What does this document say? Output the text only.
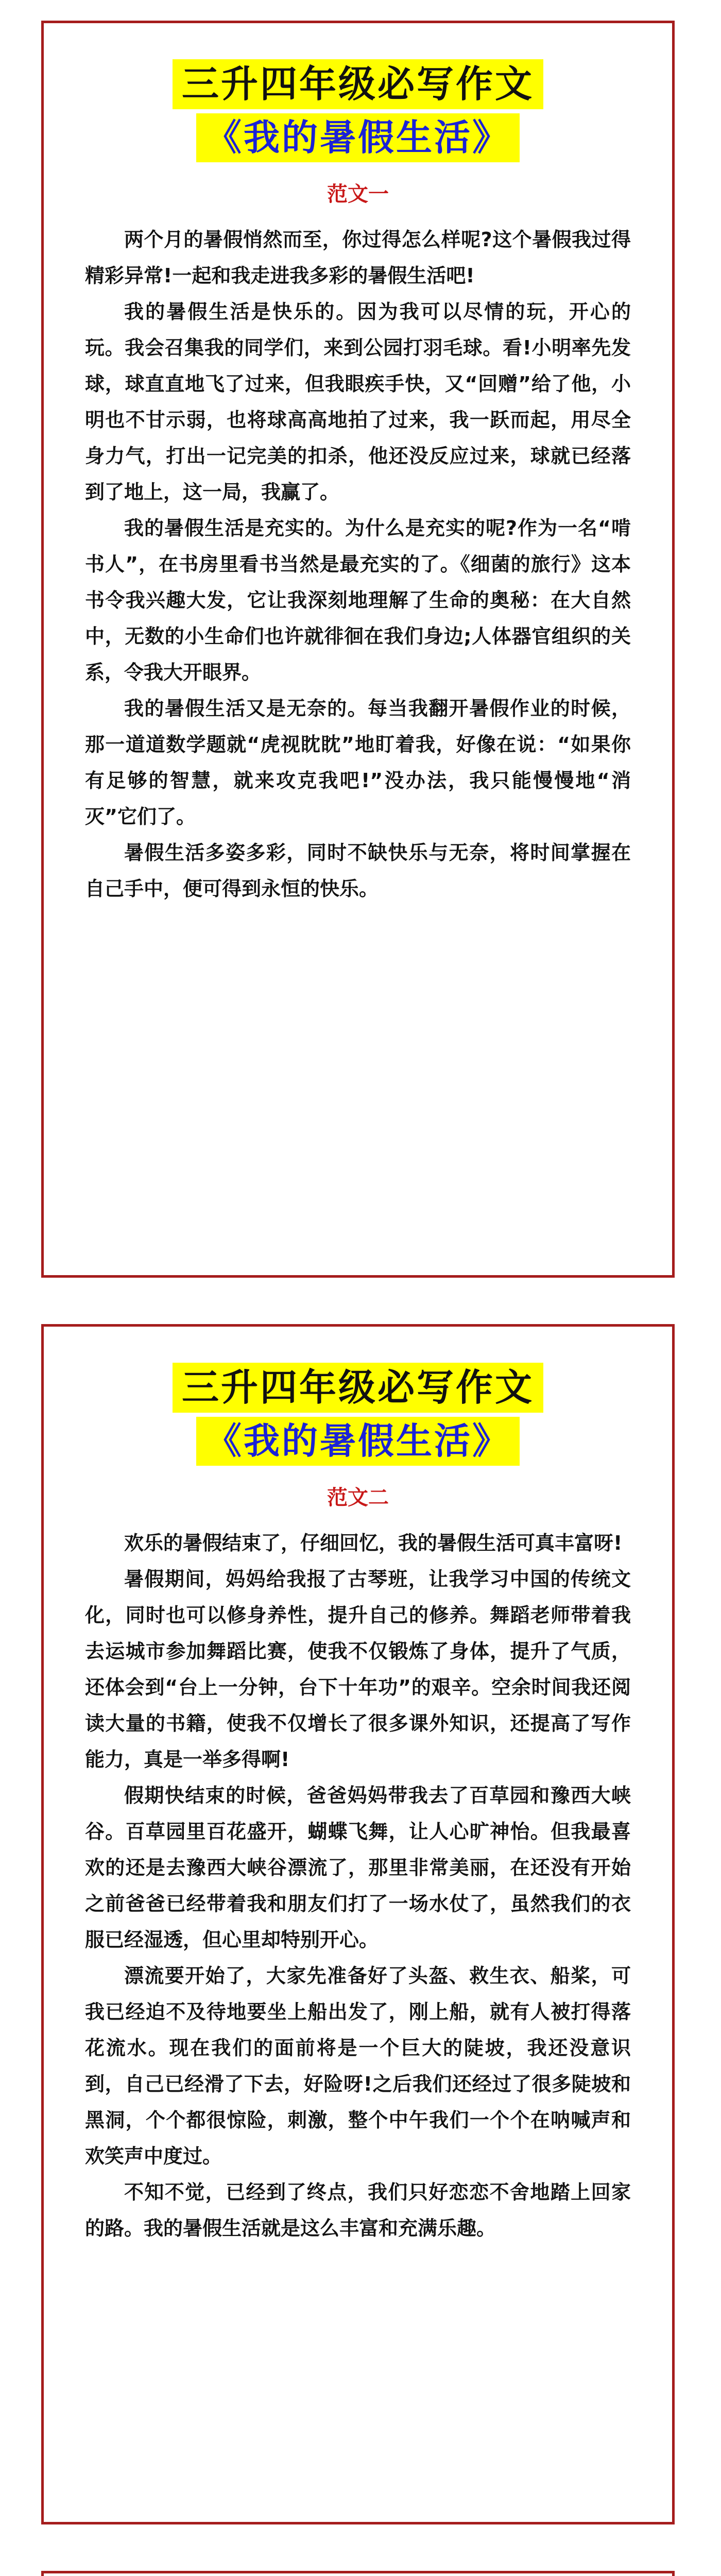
三升四年级必写作文
《我的暑假生活》
范文一

两个月的暑假悄然而至，你过得怎么样呢?这个暑假我过得精彩异常!一起和我走进我多彩的暑假生活吧!

我的暑假生活是快乐的。因为我可以尽情的玩，开心的玩。我会召集我的同学们，来到公园打羽毛球。看!小明率先发球，球直直地飞了过来，但我眼疾手快，又“回赠”给了他，小明也不甘示弱，也将球高高地拍了过来，我一跃而起，用尽全身力气，打出一记完美的扣杀，他还没反应过来，球就已经落到了地上，这一局，我赢了。

我的暑假生活是充实的。为什么是充实的呢?作为一名“啃书人”，在书房里看书当然是最充实的了。《细菌的旅行》这本书令我兴趣大发，它让我深刻地理解了生命的奥秘：在大自然中，无数的小生命们也许就徘徊在我们身边;人体器官组织的关系，令我大开眼界。

我的暑假生活又是无奈的。每当我翻开暑假作业的时候，那一道道数学题就“虎视眈眈”地盯着我，好像在说：“如果你有足够的智慧，就来攻克我吧!”没办法，我只能慢慢地“消灭”它们了。

暑假生活多姿多彩，同时不缺快乐与无奈，将时间掌握在自己手中，便可得到永恒的快乐。

三升四年级必写作文
《我的暑假生活》
范文二

欢乐的暑假结束了，仔细回忆，我的暑假生活可真丰富呀!

暑假期间，妈妈给我报了古琴班，让我学习中国的传统文化，同时也可以修身养性，提升自己的修养。舞蹈老师带着我去运城市参加舞蹈比赛，使我不仅锻炼了身体，提升了气质，还体会到“台上一分钟，台下十年功”的艰辛。空余时间我还阅读大量的书籍，使我不仅增长了很多课外知识，还提高了写作能力，真是一举多得啊!

假期快结束的时候，爸爸妈妈带我去了百草园和豫西大峡谷。百草园里百花盛开，蝴蝶飞舞，让人心旷神怡。但我最喜欢的还是去豫西大峡谷漂流了，那里非常美丽，在还没有开始之前爸爸已经带着我和朋友们打了一场水仗了，虽然我们的衣服已经湿透，但心里却特别开心。

漂流要开始了，大家先准备好了头盔、救生衣、船桨，可我已经迫不及待地要坐上船出发了，刚上船，就有人被打得落花流水。现在我们的面前将是一个巨大的陡坡，我还没意识到，自己已经滑了下去，好险呀!之后我们还经过了很多陡坡和黑洞，个个都很惊险，刺激，整个中午我们一个个在呐喊声和欢笑声中度过。

不知不觉，已经到了终点，我们只好恋恋不舍地踏上回家的路。我的暑假生活就是这么丰富和充满乐趣。
